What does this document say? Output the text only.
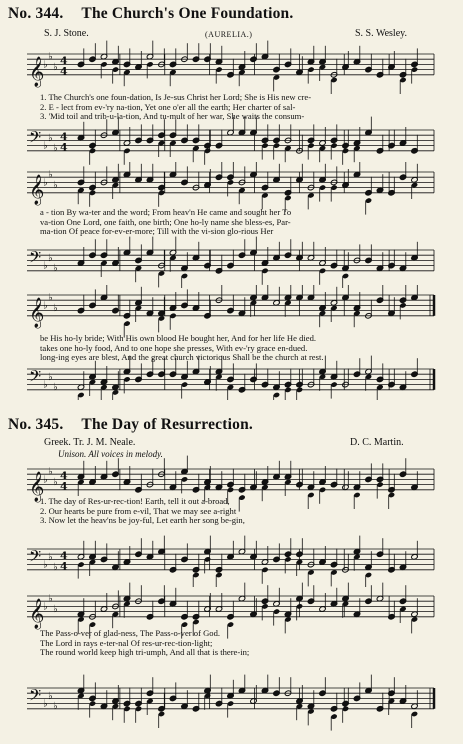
No. 344. The Church's One Foundation.
S. J. Stone.	(AURELIA.)	S. S. Wesley.
𝄞
♭
♭
♭
4
4
𝄢 ♭
♭
♭
4
4
1. The Church's one foun-dation, Is Je-sus Christ her Lord; She is His new cre-
2. E - lect from ev-'ry na-tion, Yet one o'er all the earth; Her charter of sal-
3. 'Mid toil and trib-u-la-tion, And tu-mult of her war, She waits the consum-
𝄞
♭
♭
♭
𝄢 ♭
♭
♭
a - tion By wa-ter and the word; From heav'n He came and sought her To
va-tion One Lord, one faith, one birth; One ho-ly name she bless-es, Par-
ma-tion Of peace for-ev-er-more; Till with the vi-sion glo-rious Her
𝄞
♭
♭
♭
𝄢 ♭
♭
♭
be His ho-ly bride; With His own blood He bought her, And for her life He died.
takes one ho-ly food, And to one hope she presses, With ev-'ry grace en-dued.
long-ing eyes are blest, And the great church victorious Shall be the church at rest.
No. 345. The Day of Resurrection.
Greek. Tr. J. M. Neale.	D. C. Martin.
Unison. All voices in melody.
𝄞
♭
♭
♭
4
4
𝄢 ♭
♭
♭
4
4
1. The day of Res-ur-rec-tion! Earth, tell it out a-broad,
2. Our hearts be pure from e-vil, That we may see a-right
3. Now let the heav'ns be joy-ful, Let earth her song be-gin,
𝄞
♭
♭
♭
𝄢 ♭
♭
♭
The Pass-o-ver of glad-ness, The Pass-o-ver of God.
The Lord in rays e-ter-nal Of res-ur-rec-tion-light;
The round world keep high tri-umph, And all that is there-in;
